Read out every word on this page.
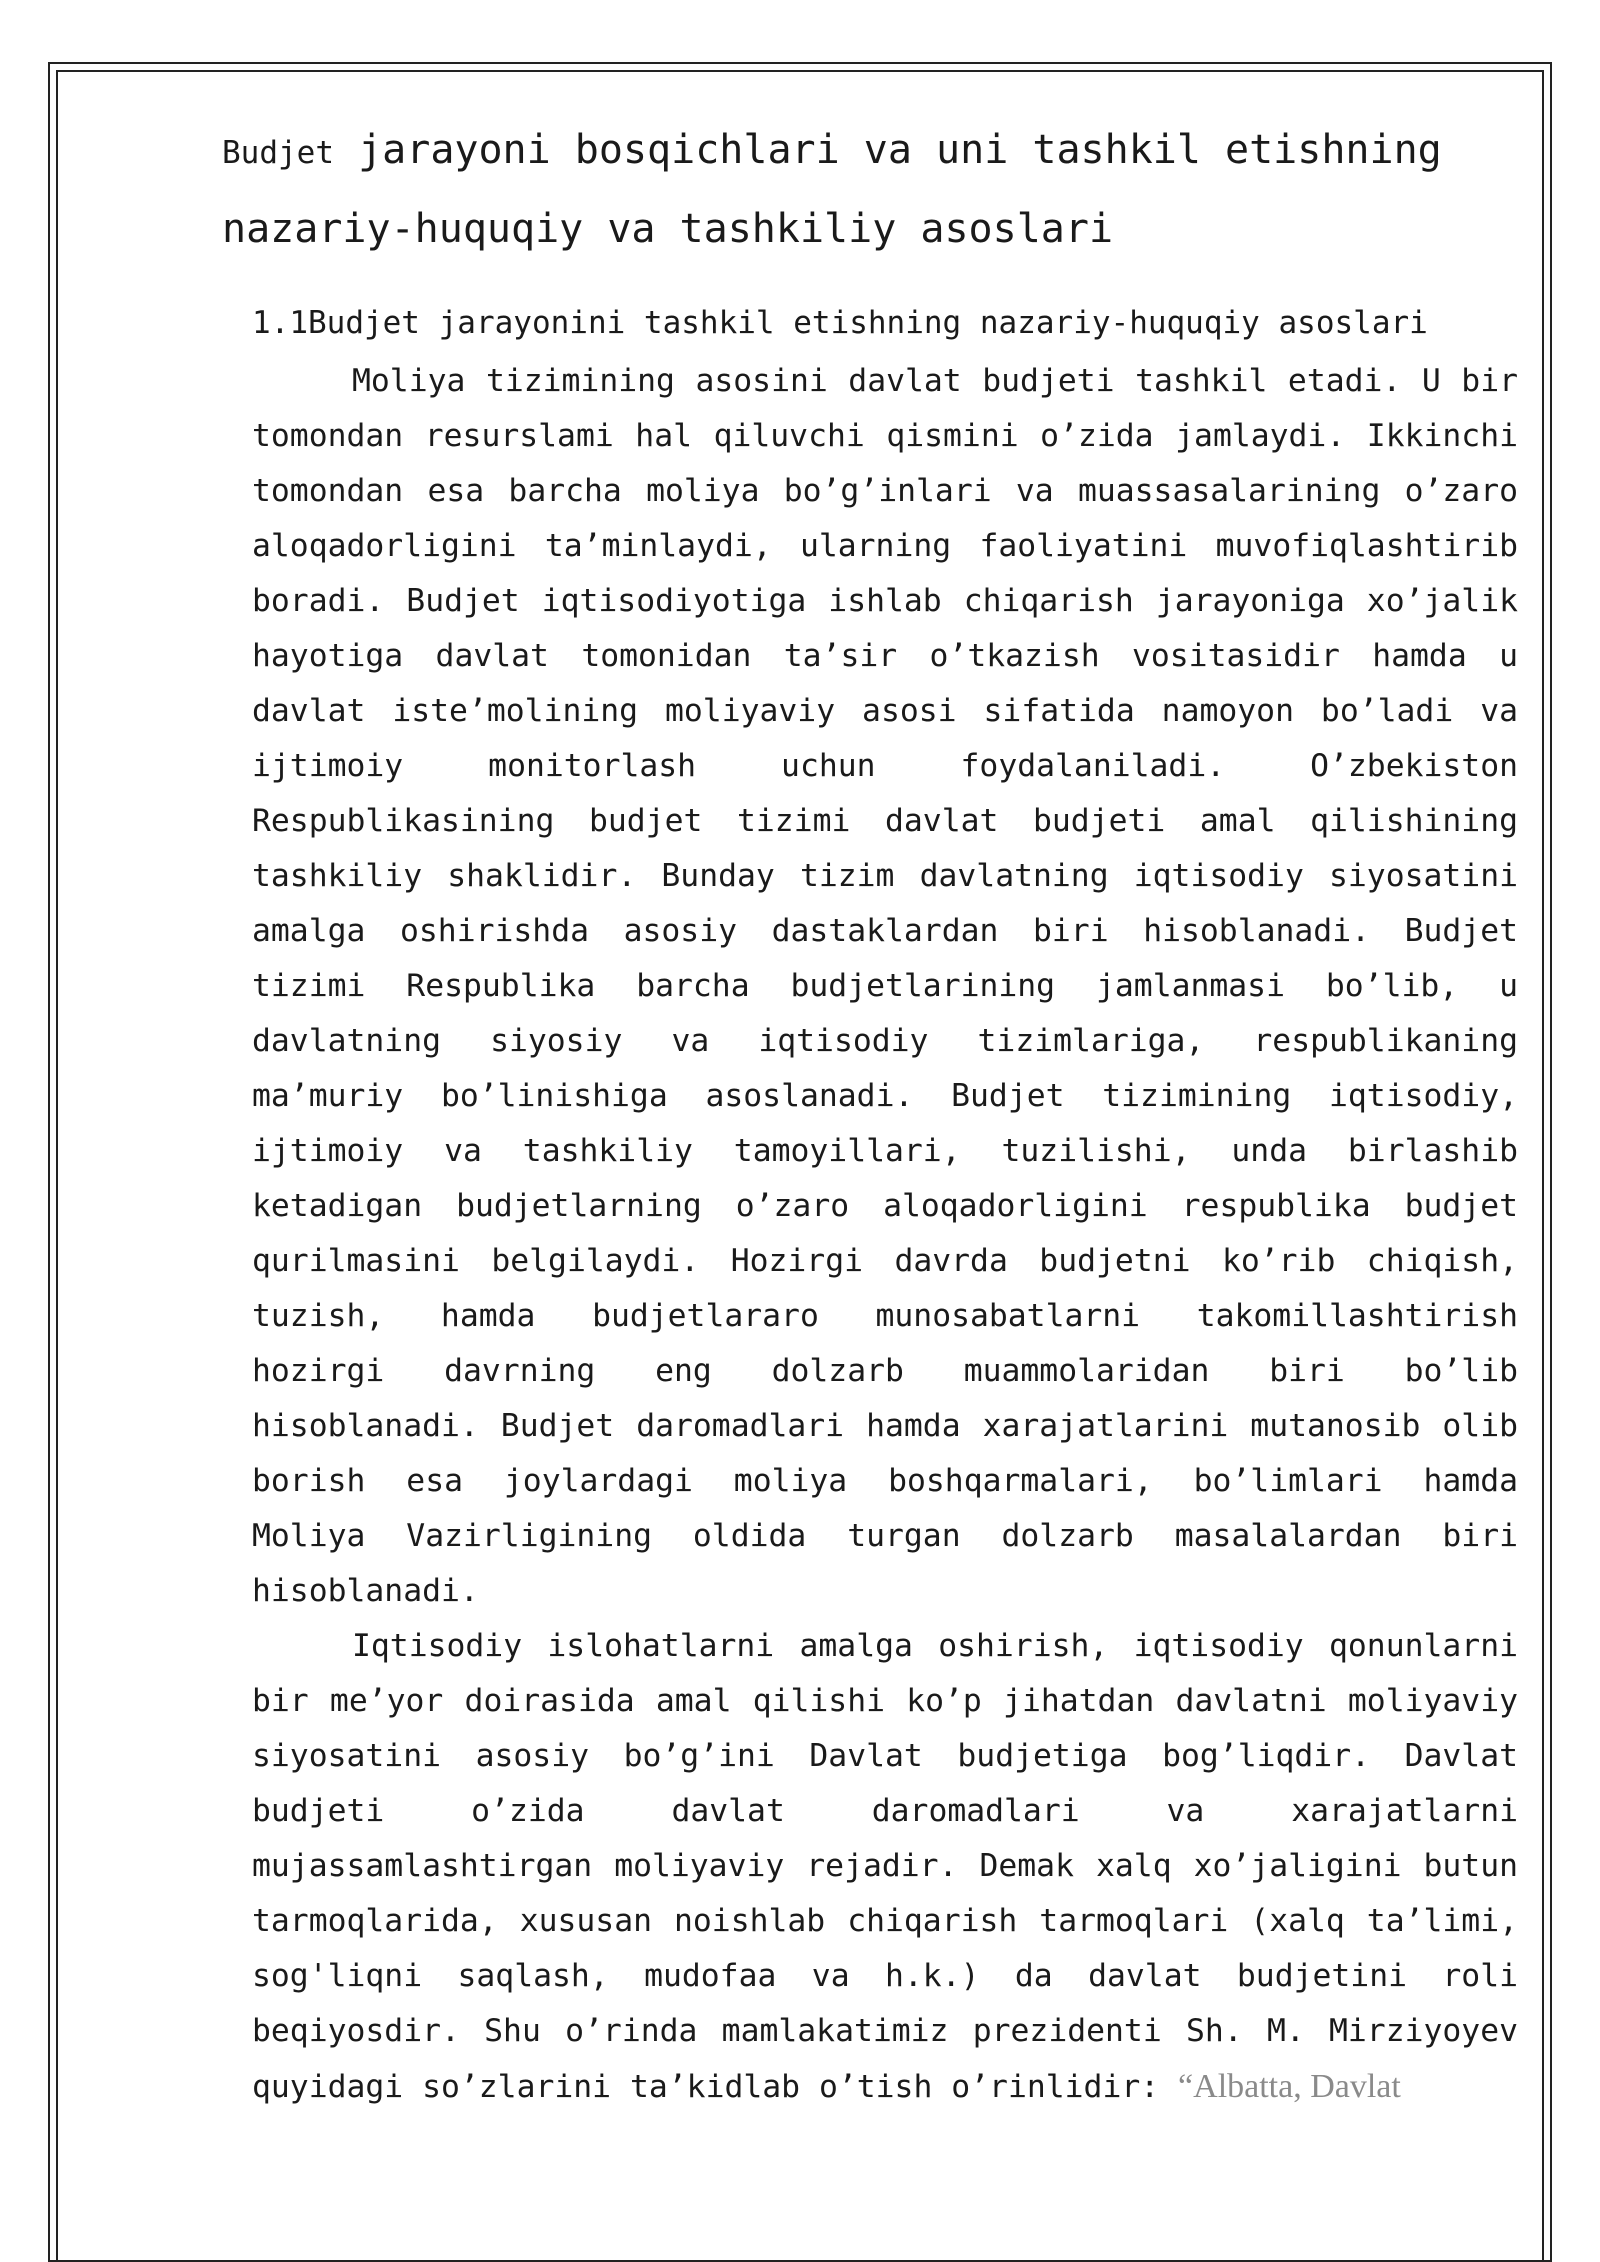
Budjet jarayoni bosqichlari va uni tashkil etishning nazariy-huquqiy va tashkiliy asoslari
1.1Budjet jarayonini tashkil etishning nazariy-huquqiy asoslari

Moliya tizimining asosini davlat budjeti tashkil etadi. U bir tomondan resurslami hal qiluvchi qismini o’zida jamlaydi. Ikkinchi tomondan esa barcha moliya bo’g’inlari va muassasalarining o’zaro aloqadorligini ta’minlaydi, ularning faoliyatini muvofiqlashtirib boradi. Budjet iqtisodiyotiga ishlab chiqarish jarayoniga xo’jalik hayotiga davlat tomonidan ta’sir o’tkazish vositasidir hamda u davlat iste’molining moliyaviy asosi sifatida namoyon bo’ladi va ijtimoiy monitorlash uchun foydalaniladi. O’zbekiston Respublikasining budjet tizimi davlat budjeti amal qilishining tashkiliy shaklidir. Bunday tizim davlatning iqtisodiy siyosatini amalga oshirishda asosiy dastaklardan biri hisoblanadi. Budjet tizimi Respublika barcha budjetlarining jamlanmasi bo’lib, u davlatning siyosiy va iqtisodiy tizimlariga, respublikaning ma’muriy bo’linishiga asoslanadi. Budjet tizimining iqtisodiy, ijtimoiy va tashkiliy tamoyillari, tuzilishi, unda birlashib ketadigan budjetlarning o’zaro aloqadorligini respublika budjet qurilmasini belgilaydi. Hozirgi davrda budjetni ko’rib chiqish, tuzish, hamda budjetlararo munosabatlarni takomillashtirish hozirgi davrning eng dolzarb muammolaridan biri bo’lib hisoblanadi. Budjet daromadlari hamda xarajatlarini mutanosib olib borish esa joylardagi moliya boshqarmalari, bo’limlari hamda Moliya Vazirligining oldida turgan dolzarb masalalardan biri hisoblanadi.

Iqtisodiy islohatlarni amalga oshirish, iqtisodiy qonunlarni bir me’yor doirasida amal qilishi ko’p jihatdan davlatni moliyaviy siyosatini asosiy bo’g’ini Davlat budjetiga bog’liqdir. Davlat budjeti o’zida davlat daromadlari va xarajatlarni mujassamlashtirgan moliyaviy rejadir. Demak xalq xo’jaligini butun tarmoqlarida, xususan noishlab chiqarish tarmoqlari (xalq ta’limi, sog'liqni saqlash, mudofaa va h.k.) da davlat budjetini roli beqiyosdir. Shu o’rinda mamlakatimiz prezidenti Sh. M. Mirziyoyev quyidagi so’zlarini ta’kidlab o’tish o’rinlidir: “Albatta, Davlat
